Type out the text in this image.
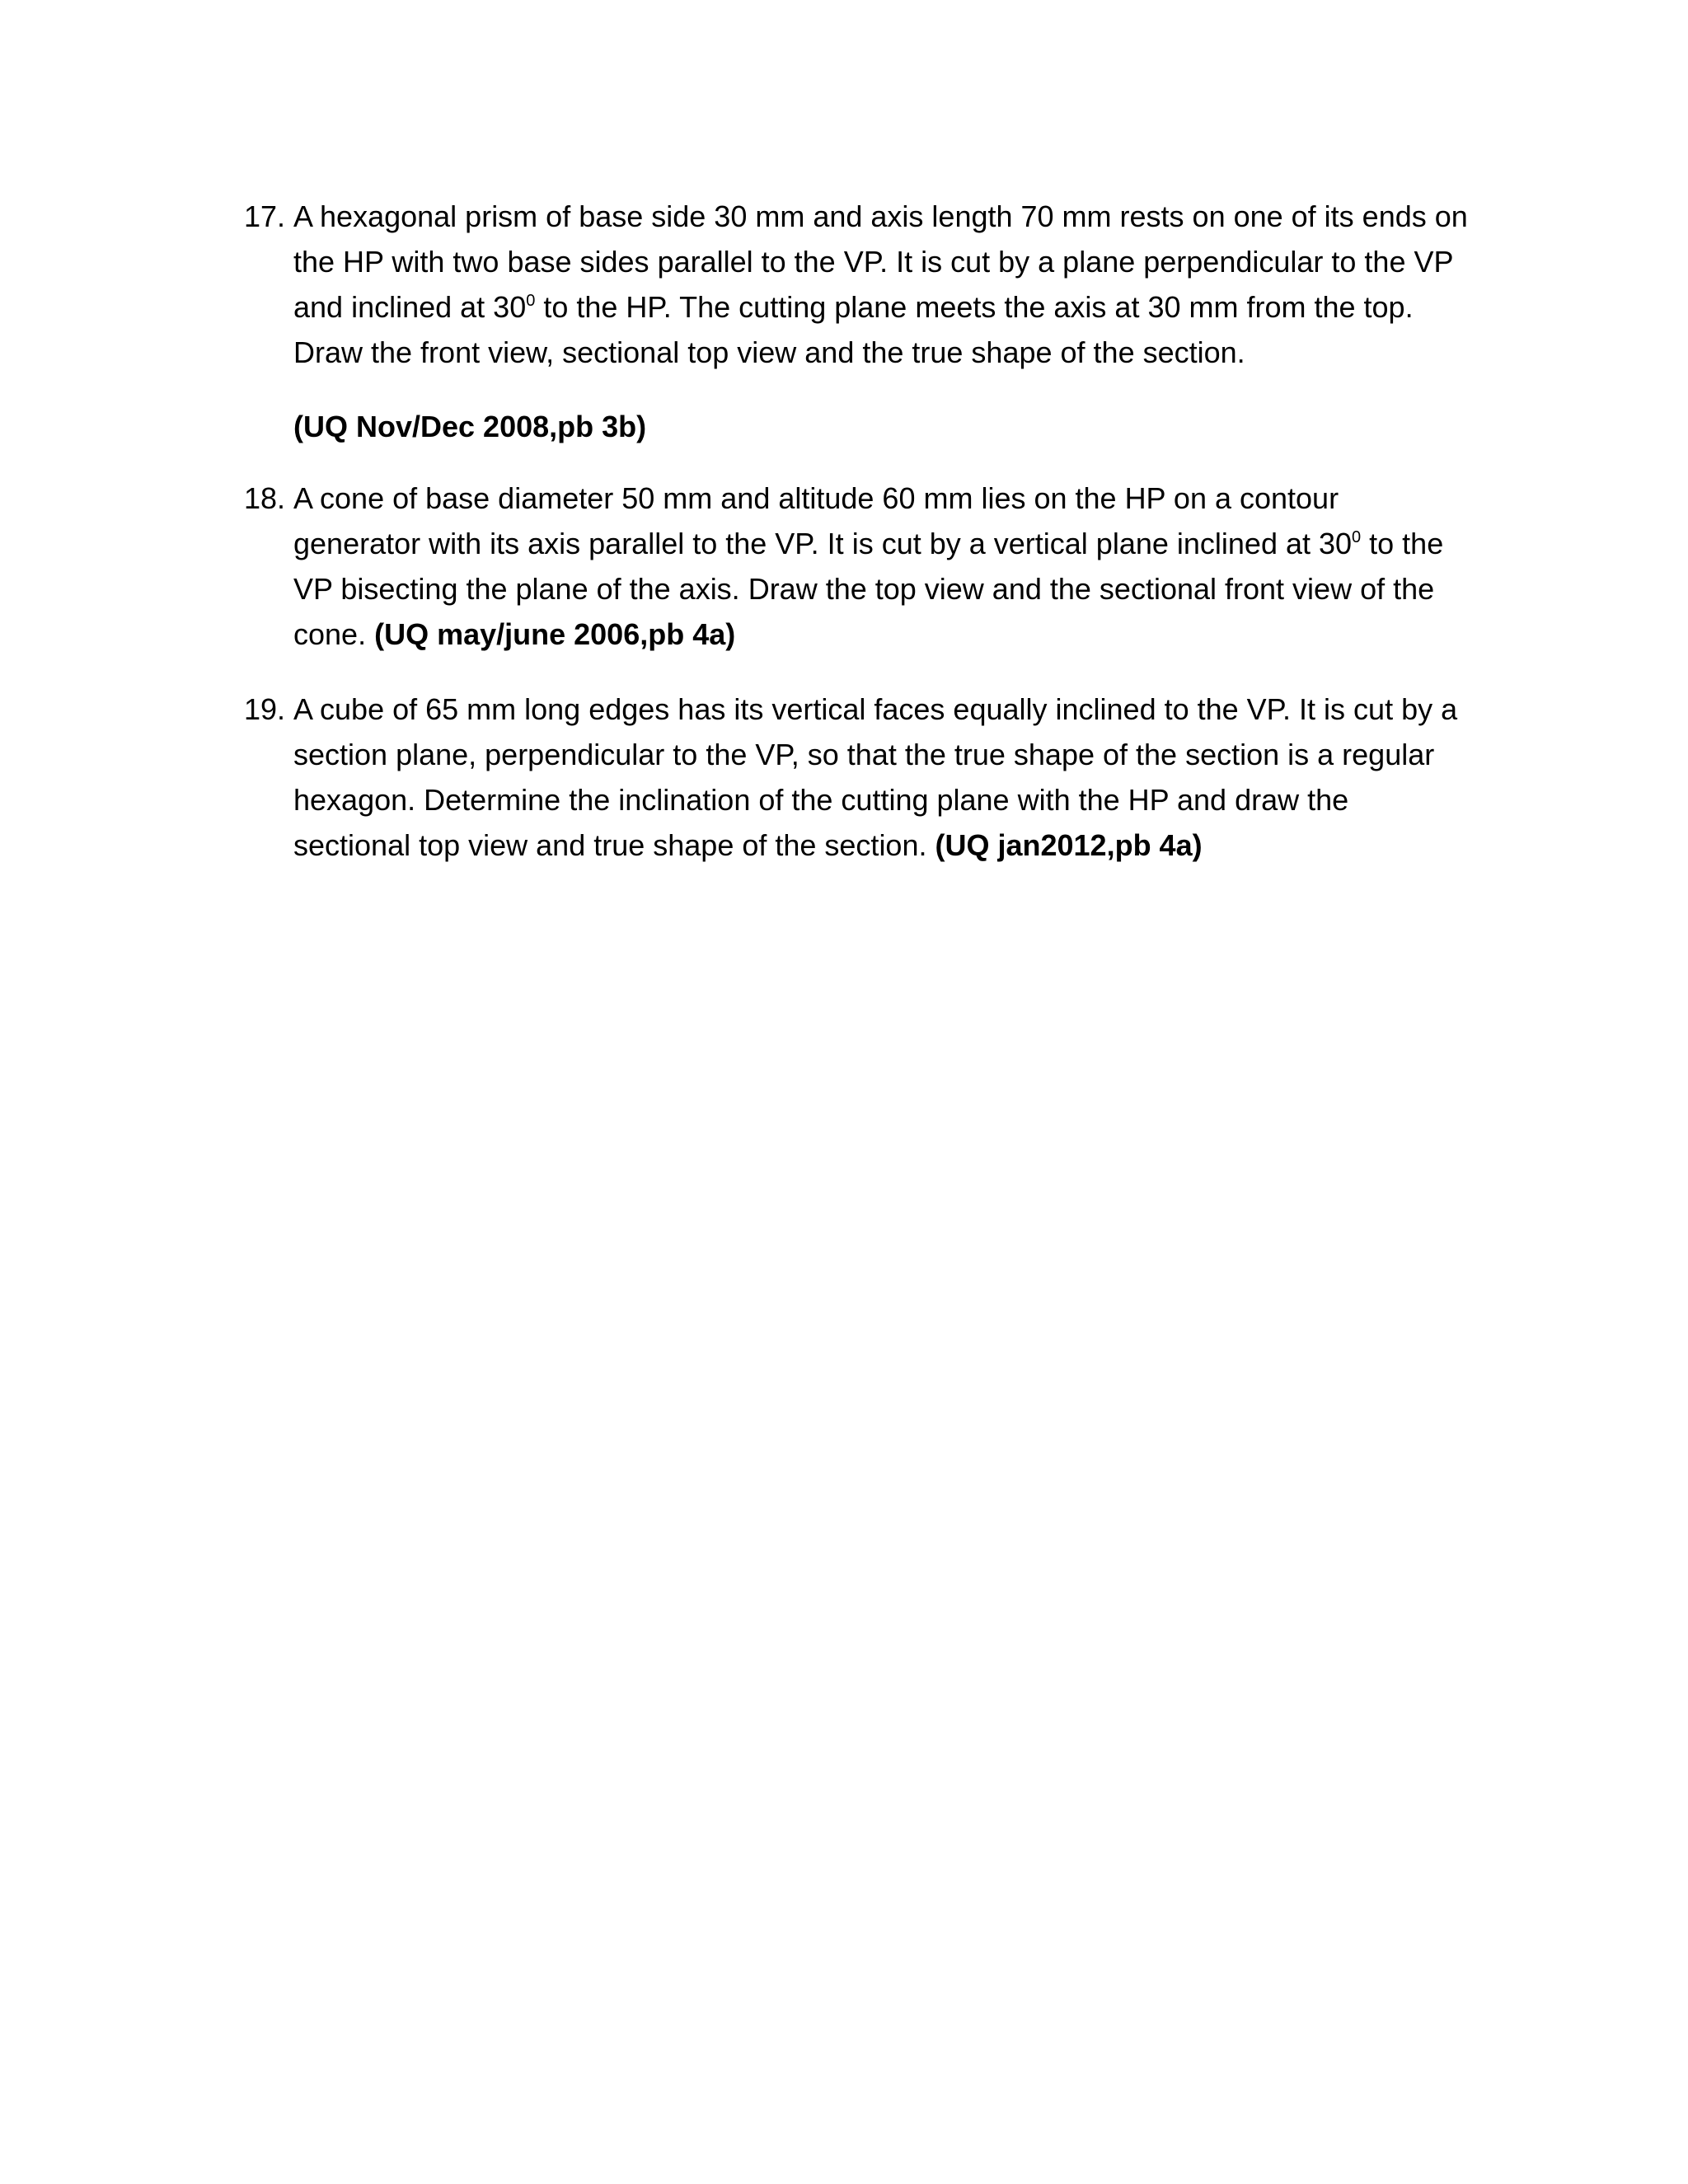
17. A hexagonal prism of base side 30 mm and axis length 70 mm rests on one of its ends on
the HP with two base sides parallel to the VP. It is cut by a plane perpendicular to the VP
and inclined at $30^0$ to the HP. The cutting plane meets the axis at 30 mm from the top.
Draw the front view, sectional top view and the true shape of the section.
(UQ Nov/Dec 2008,pb 3b)
18. A cone of base diameter 50 mm and altitude 60 mm lies on the HP on a contour
generator with its axis parallel to the VP. It is cut by a vertical plane inclined at $30^0$ to the
VP bisecting the plane of the axis. Draw the top view and the sectional front view of the
cone. (UQ may/june 2006,pb 4a)
19. A cube of 65 mm long edges has its vertical faces equally inclined to the VP. It is cut by a
section plane, perpendicular to the VP, so that the true shape of the section is a regular
hexagon. Determine the inclination of the cutting plane with the HP and draw the
sectional top view and true shape of the section. (UQ jan2012,pb 4a)
